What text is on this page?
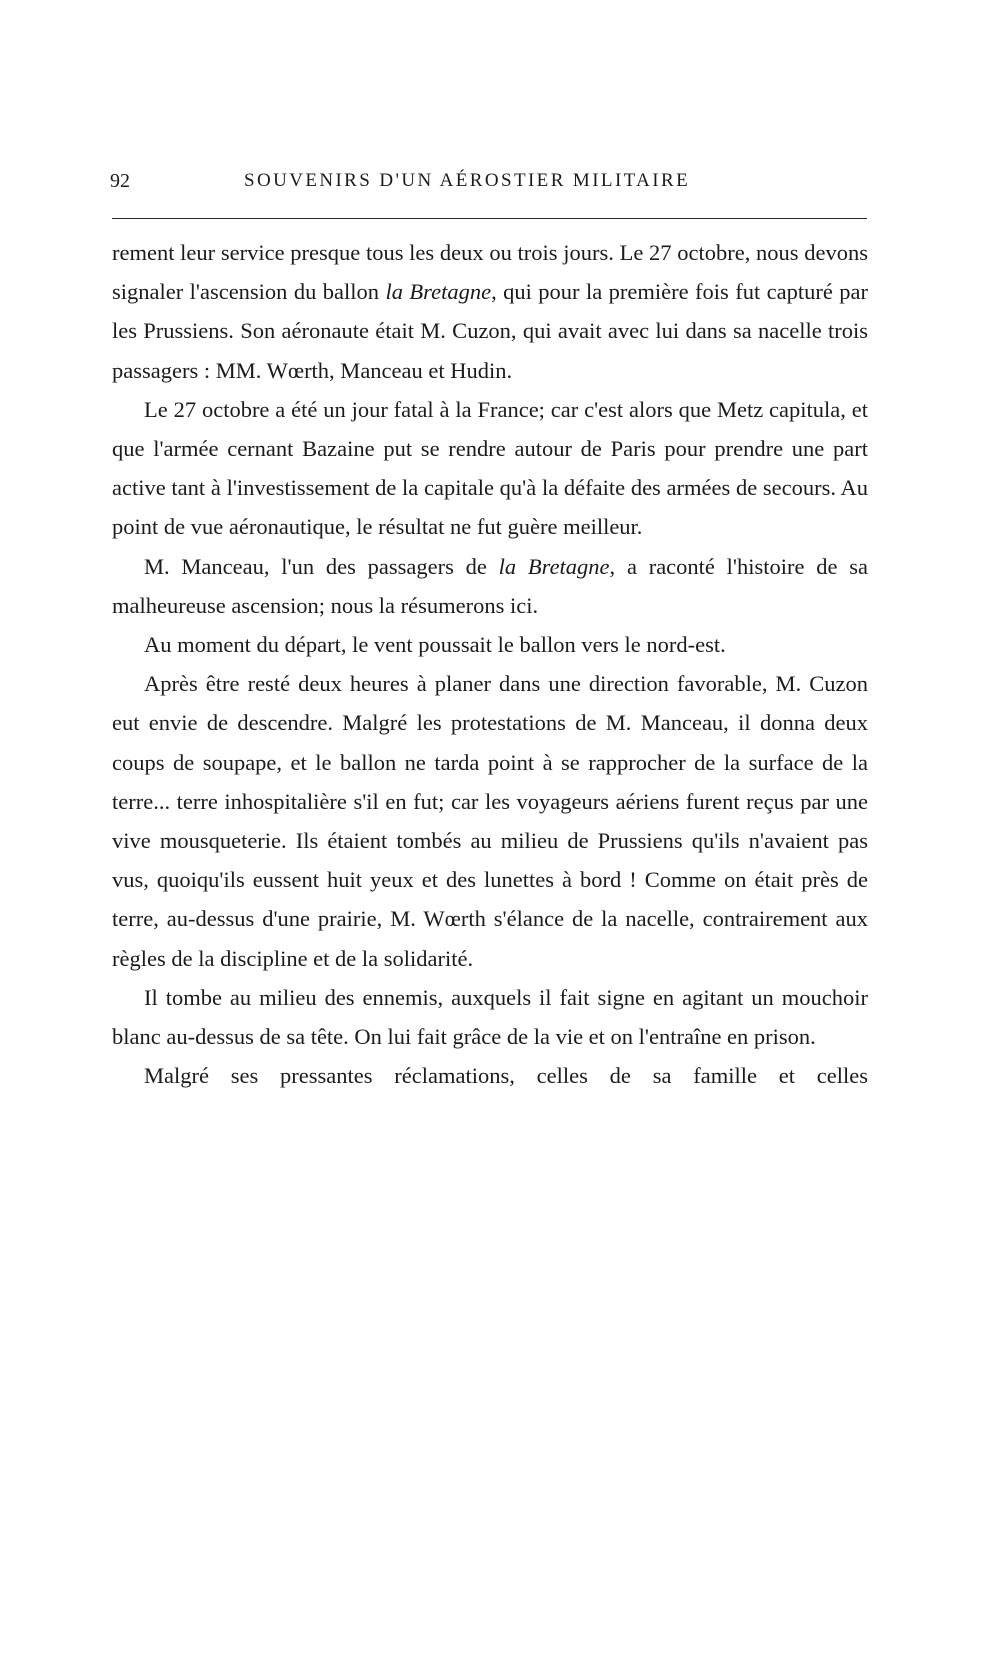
92	SOUVENIRS D'UN AÉROSTIER MILITAIRE

rement leur service presque tous les deux ou trois jours. Le 27 octobre, nous devons signaler l'ascension du ballon la Bretagne, qui pour la première fois fut capturé par les Prussiens. Son aéronaute était M. Cuzon, qui avait avec lui dans sa nacelle trois passagers : MM. Wœrth, Manceau et Hudin.

Le 27 octobre a été un jour fatal à la France; car c'est alors que Metz capitula, et que l'armée cernant Bazaine put se rendre autour de Paris pour prendre une part active tant à l'investissement de la capitale qu'à la défaite des armées de secours. Au point de vue aéronautique, le résultat ne fut guère meilleur.

M. Manceau, l'un des passagers de la Bretagne, a raconté l'histoire de sa malheureuse ascension; nous la résumerons ici.

Au moment du départ, le vent poussait le ballon vers le nord-est.

Après être resté deux heures à planer dans une direction favorable, M. Cuzon eut envie de descendre. Malgré les protestations de M. Manceau, il donna deux coups de soupape, et le ballon ne tarda point à se rapprocher de la surface de la terre... terre inhospitalière s'il en fut; car les voyageurs aériens furent reçus par une vive mousqueterie. Ils étaient tombés au milieu de Prussiens qu'ils n'avaient pas vus, quoiqu'ils eussent huit yeux et des lunettes à bord ! Comme on était près de terre, au-dessus d'une prairie, M. Wœrth s'élance de la nacelle, contrairement aux règles de la discipline et de la solidarité.

Il tombe au milieu des ennemis, auxquels il fait signe en agitant un mouchoir blanc au-dessus de sa tête. On lui fait grâce de la vie et on l'entraîne en prison.

Malgré ses pressantes réclamations, celles de sa famille et celles
